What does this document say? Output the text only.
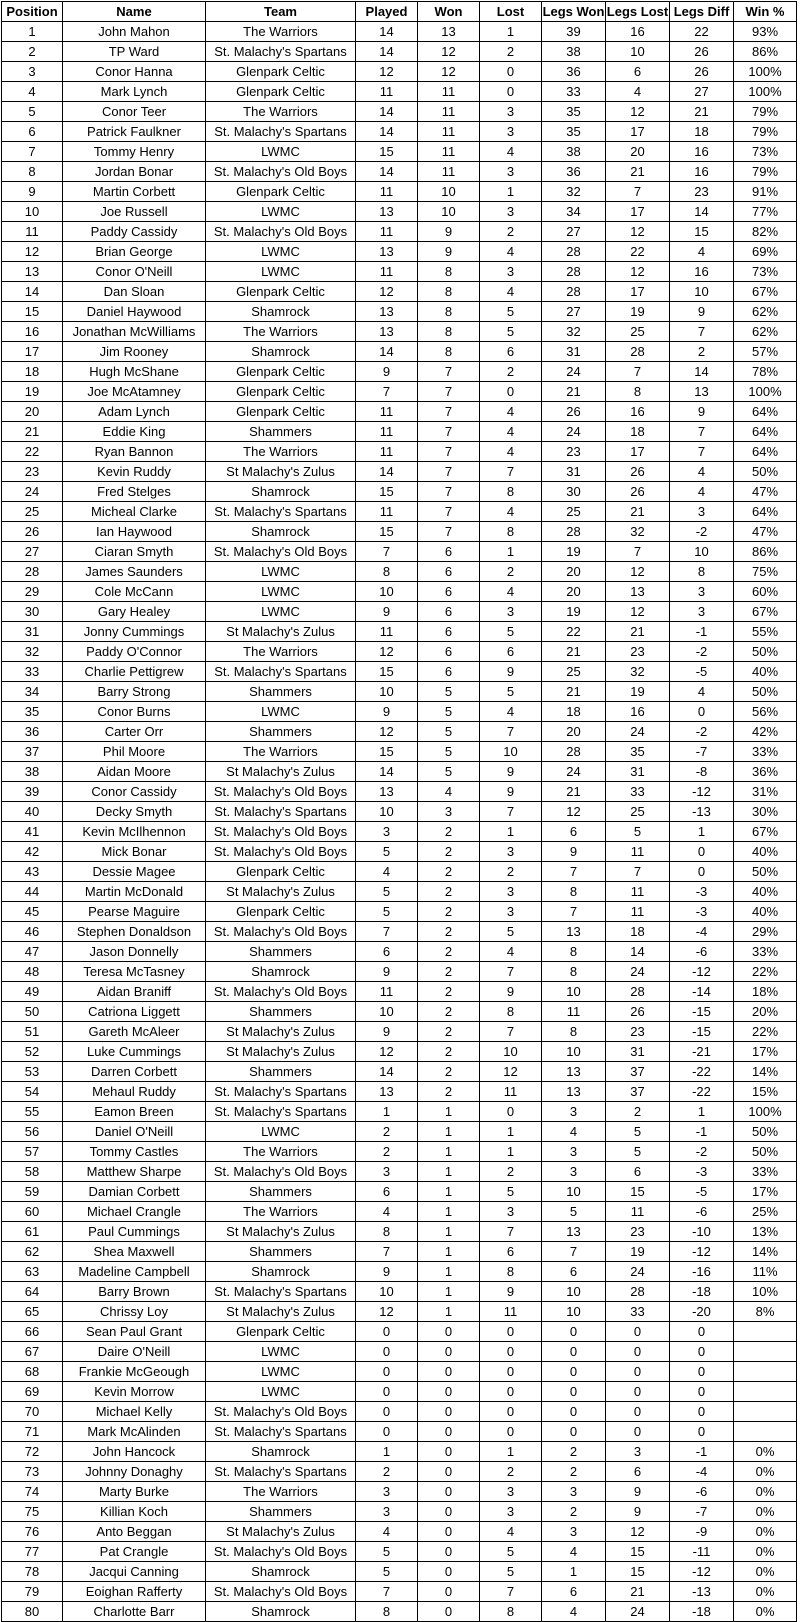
Position	Name	Team	Played	Won	Lost	Legs Won	Legs Lost	Legs Diff	Win %
1	John Mahon	The Warriors	14	13	1	39	16	22	93%
2	TP Ward	St. Malachy's Spartans	14	12	2	38	10	26	86%
3	Conor Hanna	Glenpark Celtic	12	12	0	36	6	26	100%
4	Mark Lynch	Glenpark Celtic	11	11	0	33	4	27	100%
5	Conor Teer	The Warriors	14	11	3	35	12	21	79%
6	Patrick Faulkner	St. Malachy's Spartans	14	11	3	35	17	18	79%
7	Tommy Henry	LWMC	15	11	4	38	20	16	73%
8	Jordan Bonar	St. Malachy's Old Boys	14	11	3	36	21	16	79%
9	Martin Corbett	Glenpark Celtic	11	10	1	32	7	23	91%
10	Joe Russell	LWMC	13	10	3	34	17	14	77%
11	Paddy Cassidy	St. Malachy's Old Boys	11	9	2	27	12	15	82%
12	Brian George	LWMC	13	9	4	28	22	4	69%
13	Conor O'Neill	LWMC	11	8	3	28	12	16	73%
14	Dan Sloan	Glenpark Celtic	12	8	4	28	17	10	67%
15	Daniel Haywood	Shamrock	13	8	5	27	19	9	62%
16	Jonathan McWilliams	The Warriors	13	8	5	32	25	7	62%
17	Jim Rooney	Shamrock	14	8	6	31	28	2	57%
18	Hugh McShane	Glenpark Celtic	9	7	2	24	7	14	78%
19	Joe McAtamney	Glenpark Celtic	7	7	0	21	8	13	100%
20	Adam Lynch	Glenpark Celtic	11	7	4	26	16	9	64%
21	Eddie King	Shammers	11	7	4	24	18	7	64%
22	Ryan Bannon	The Warriors	11	7	4	23	17	7	64%
23	Kevin Ruddy	St Malachy's Zulus	14	7	7	31	26	4	50%
24	Fred Stelges	Shamrock	15	7	8	30	26	4	47%
25	Micheal Clarke	St. Malachy's Spartans	11	7	4	25	21	3	64%
26	Ian Haywood	Shamrock	15	7	8	28	32	-2	47%
27	Ciaran Smyth	St. Malachy's Old Boys	7	6	1	19	7	10	86%
28	James Saunders	LWMC	8	6	2	20	12	8	75%
29	Cole McCann	LWMC	10	6	4	20	13	3	60%
30	Gary Healey	LWMC	9	6	3	19	12	3	67%
31	Jonny Cummings	St Malachy's Zulus	11	6	5	22	21	-1	55%
32	Paddy O'Connor	The Warriors	12	6	6	21	23	-2	50%
33	Charlie Pettigrew	St. Malachy's Spartans	15	6	9	25	32	-5	40%
34	Barry Strong	Shammers	10	5	5	21	19	4	50%
35	Conor Burns	LWMC	9	5	4	18	16	0	56%
36	Carter Orr	Shammers	12	5	7	20	24	-2	42%
37	Phil Moore	The Warriors	15	5	10	28	35	-7	33%
38	Aidan Moore	St Malachy's Zulus	14	5	9	24	31	-8	36%
39	Conor Cassidy	St. Malachy's Old Boys	13	4	9	21	33	-12	31%
40	Decky Smyth	St. Malachy's Spartans	10	3	7	12	25	-13	30%
41	Kevin McIlhennon	St. Malachy's Old Boys	3	2	1	6	5	1	67%
42	Mick Bonar	St. Malachy's Old Boys	5	2	3	9	11	0	40%
43	Dessie Magee	Glenpark Celtic	4	2	2	7	7	0	50%
44	Martin McDonald	St Malachy's Zulus	5	2	3	8	11	-3	40%
45	Pearse Maguire	Glenpark Celtic	5	2	3	7	11	-3	40%
46	Stephen Donaldson	St. Malachy's Old Boys	7	2	5	13	18	-4	29%
47	Jason Donnelly	Shammers	6	2	4	8	14	-6	33%
48	Teresa McTasney	Shamrock	9	2	7	8	24	-12	22%
49	Aidan Braniff	St. Malachy's Old Boys	11	2	9	10	28	-14	18%
50	Catriona Liggett	Shammers	10	2	8	11	26	-15	20%
51	Gareth McAleer	St Malachy's Zulus	9	2	7	8	23	-15	22%
52	Luke Cummings	St Malachy's Zulus	12	2	10	10	31	-21	17%
53	Darren Corbett	Shammers	14	2	12	13	37	-22	14%
54	Mehaul Ruddy	St. Malachy's Spartans	13	2	11	13	37	-22	15%
55	Eamon Breen	St. Malachy's Spartans	1	1	0	3	2	1	100%
56	Daniel O'Neill	LWMC	2	1	1	4	5	-1	50%
57	Tommy Castles	The Warriors	2	1	1	3	5	-2	50%
58	Matthew Sharpe	St. Malachy's Old Boys	3	1	2	3	6	-3	33%
59	Damian Corbett	Shammers	6	1	5	10	15	-5	17%
60	Michael Crangle	The Warriors	4	1	3	5	11	-6	25%
61	Paul Cummings	St Malachy's Zulus	8	1	7	13	23	-10	13%
62	Shea Maxwell	Shammers	7	1	6	7	19	-12	14%
63	Madeline Campbell	Shamrock	9	1	8	6	24	-16	11%
64	Barry Brown	St. Malachy's Spartans	10	1	9	10	28	-18	10%
65	Chrissy Loy	St Malachy's Zulus	12	1	11	10	33	-20	8%
66	Sean Paul Grant	Glenpark Celtic	0	0	0	0	0	0	
67	Daire O'Neill	LWMC	0	0	0	0	0	0	
68	Frankie McGeough	LWMC	0	0	0	0	0	0	
69	Kevin Morrow	LWMC	0	0	0	0	0	0	
70	Michael Kelly	St. Malachy's Old Boys	0	0	0	0	0	0	
71	Mark McAlinden	St. Malachy's Spartans	0	0	0	0	0	0	
72	John Hancock	Shamrock	1	0	1	2	3	-1	0%
73	Johnny Donaghy	St. Malachy's Spartans	2	0	2	2	6	-4	0%
74	Marty Burke	The Warriors	3	0	3	3	9	-6	0%
75	Killian Koch	Shammers	3	0	3	2	9	-7	0%
76	Anto Beggan	St Malachy's Zulus	4	0	4	3	12	-9	0%
77	Pat Crangle	St. Malachy's Old Boys	5	0	5	4	15	-11	0%
78	Jacqui Canning	Shamrock	5	0	5	1	15	-12	0%
79	Eoighan Rafferty	St. Malachy's Old Boys	7	0	7	6	21	-13	0%
80	Charlotte Barr	Shamrock	8	0	8	4	24	-18	0%
